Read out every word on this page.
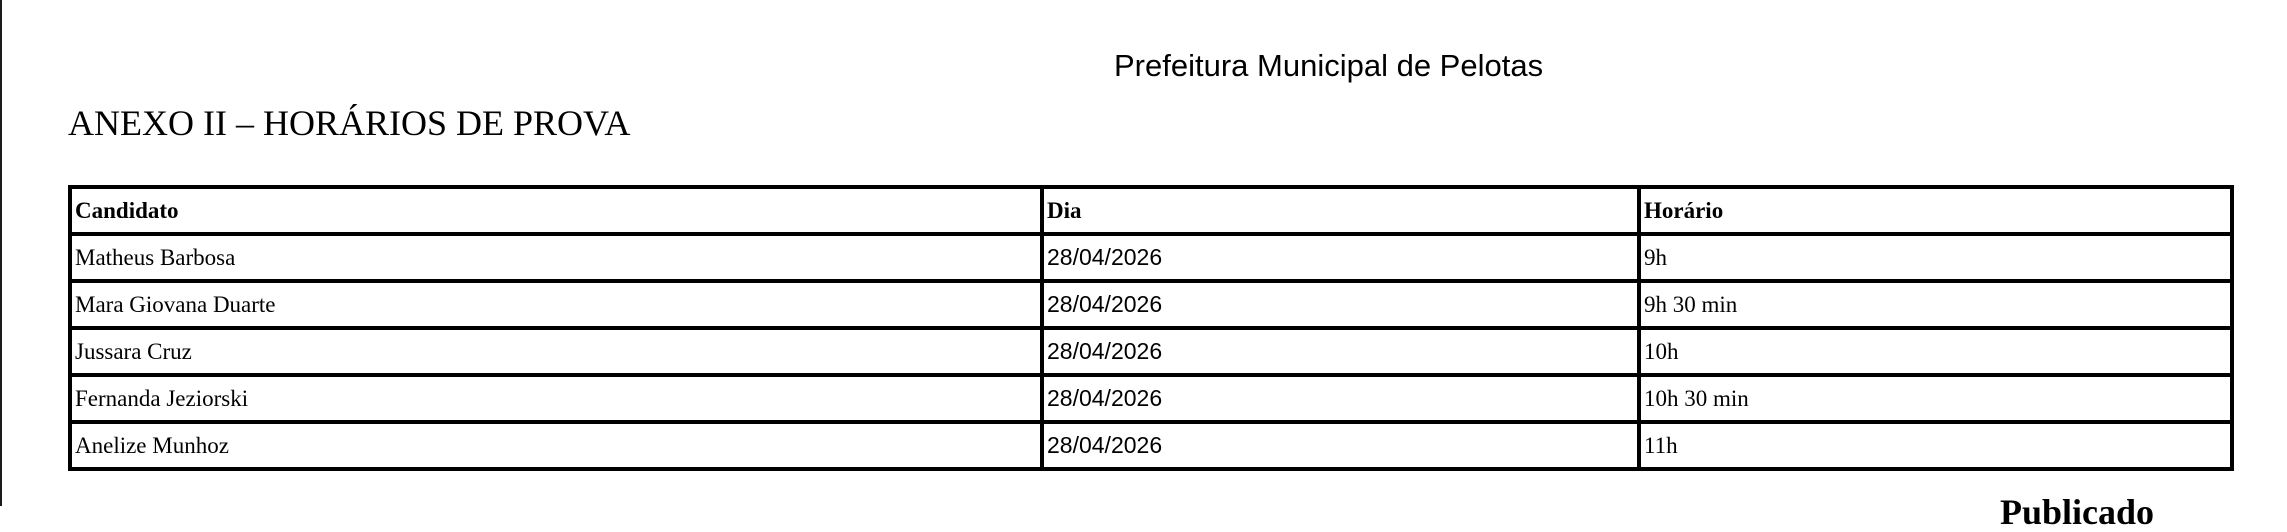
Prefeitura Municipal de Pelotas
ANEXO II – HORÁRIOS DE PROVA
Candidato	Dia	Horário
Matheus Barbosa	28/04/2026	9h
Mara Giovana Duarte	28/04/2026	9h 30 min
Jussara Cruz	28/04/2026	10h
Fernanda Jeziorski	28/04/2026	10h 30 min
Anelize Munhoz	28/04/2026	11h
Publicado
